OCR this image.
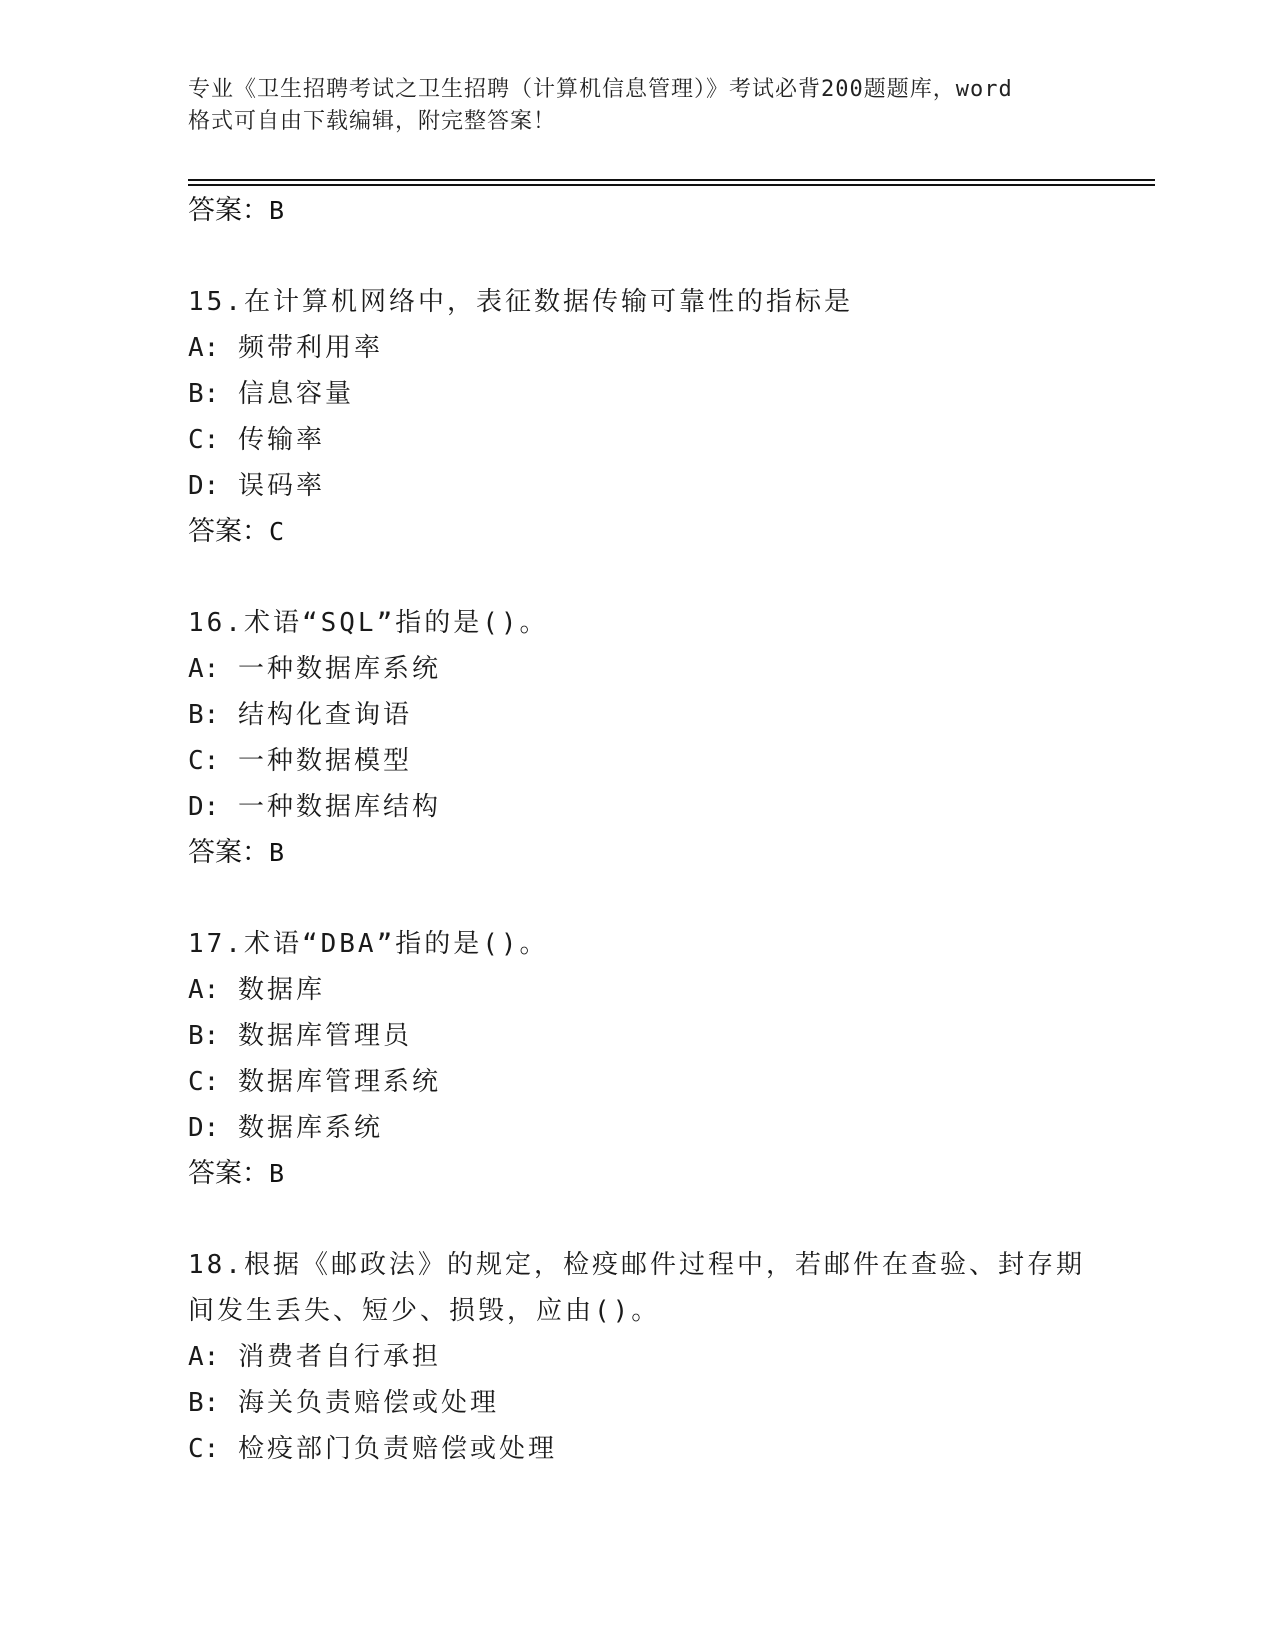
专业《卫生招聘考试之卫生招聘（计算机信息管理）》考试必背200题题库，word
格式可自由下载编辑，附完整答案！
答案：B
15.在计算机网络中，表征数据传输可靠性的指标是
A: 频带利用率
B: 信息容量
C: 传输率
D: 误码率
答案：C
16.术语“SQL”指的是()。
A: 一种数据库系统
B: 结构化查询语
C: 一种数据模型
D: 一种数据库结构
答案：B
17.术语“DBA”指的是()。
A: 数据库
B: 数据库管理员
C: 数据库管理系统
D: 数据库系统
答案：B
18.根据《邮政法》的规定，检疫邮件过程中，若邮件在查验、封存期
间发生丢失、短少、损毁，应由()。
A: 消费者自行承担
B: 海关负责赔偿或处理
C: 检疫部门负责赔偿或处理
